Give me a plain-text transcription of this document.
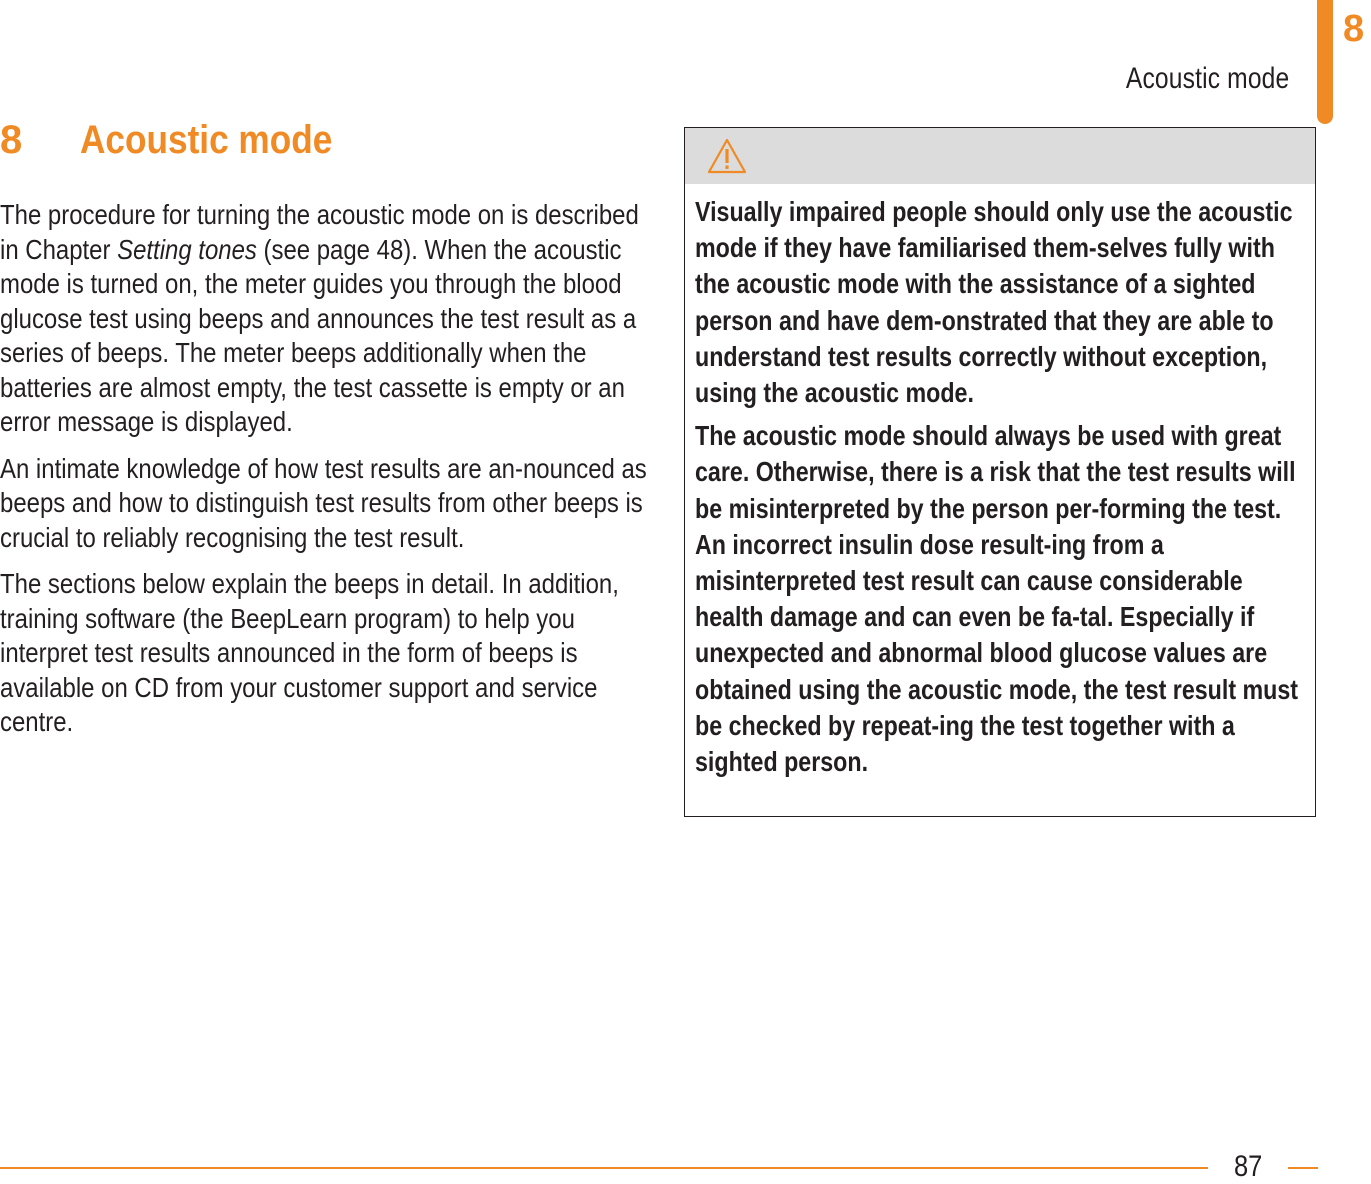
Acoustic mode
8
8 Acoustic mode

The procedure for turning the acoustic mode on is described in Chapter Setting tones (see page 48). When the acoustic mode is turned on, the meter guides you through the blood glucose test using beeps and announces the test result as a series of beeps. The meter beeps additionally when the batteries are almost empty, the test cassette is empty or an error message is displayed.

An intimate knowledge of how test results are an-nounced as beeps and how to distinguish test results from other beeps is crucial to reliably recognising the test result.

The sections below explain the beeps in detail. In addition, training software (the BeepLearn program) to help you interpret test results announced in the form of beeps is available on CD from your customer support and service centre.

Visually impaired people should only use the acoustic mode if they have familiarised them-selves fully with the acoustic mode with the assistance of a sighted person and have dem-onstrated that they are able to understand test results correctly without exception, using the acoustic mode.

The acoustic mode should always be used with great care. Otherwise, there is a risk that the test results will be misinterpreted by the person per-forming the test. An incorrect insulin dose result-ing from a misinterpreted test result can cause considerable health damage and can even be fa-tal. Especially if unexpected and abnormal blood glucose values are obtained using the acoustic mode, the test result must be checked by repeat-ing the test together with a sighted person.

87
